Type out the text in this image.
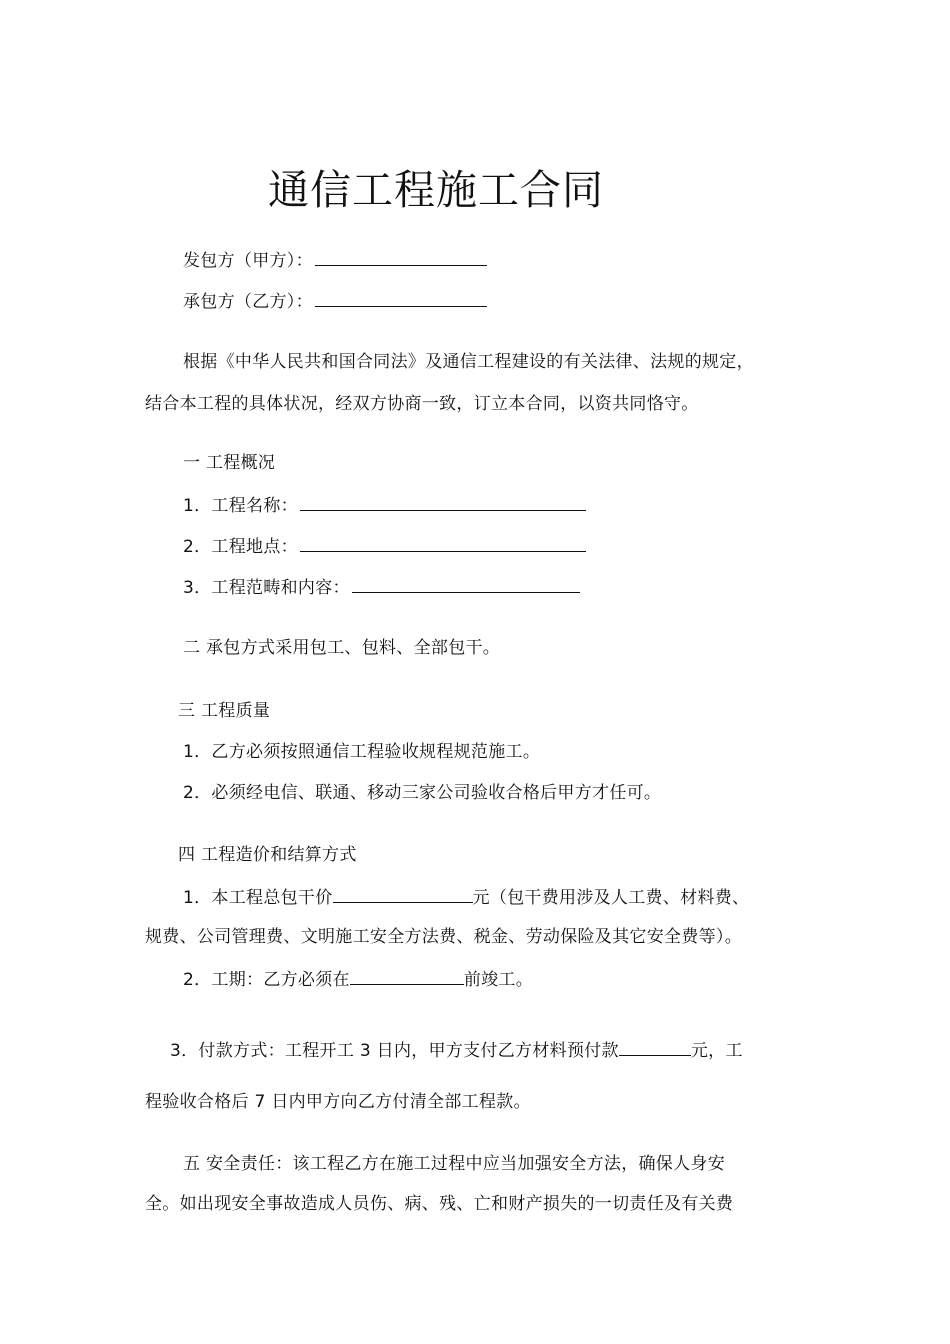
通信工程施工合同
发包方（甲方）：
承包方（乙方）：
根据《中华人民共和国合同法》及通信工程建设的有关法律、法规的规定，
结合本工程的具体状况，经双方协商一致，订立本合同，以资共同恪守。
一 工程概况
1．工程名称：
2．工程地点：
3．工程范畴和内容：
二 承包方式采用包工、包料、全部包干。
三 工程质量
1．乙方必须按照通信工程验收规程规范施工。
2．必须经电信、联通、移动三家公司验收合格后甲方才任可。
四 工程造价和结算方式
1．本工程总包干价	元（包干费用涉及人工费、材料费、
规费、公司管理费、文明施工安全方法费、税金、劳动保险及其它安全费等）。
2．工期：乙方必须在	前竣工。
3．付款方式：工程开工 3 日内，甲方支付乙方材料预付款	元，工
程验收合格后 7 日内甲方向乙方付清全部工程款。
五 安全责任：该工程乙方在施工过程中应当加强安全方法，确保人身安
全。如出现安全事故造成人员伤、病、残、亡和财产损失的一切责任及有关费
